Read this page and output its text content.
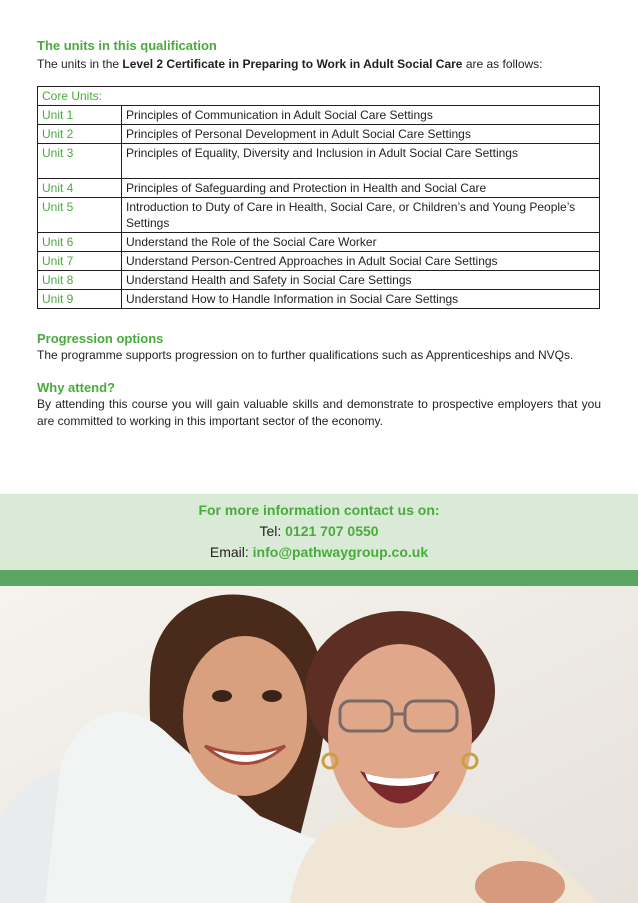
The units in this qualification

The units in the Level 2 Certificate in Preparing to Work in Adult Social Care are as follows:

Core Units:	
Unit 1	Principles of Communication in Adult Social Care Settings
Unit 2	Principles of Personal Development in Adult Social Care Settings
Unit 3	Principles of Equality, Diversity and Inclusion in Adult Social Care Settings
Unit 4	Principles of Safeguarding and Protection in Health and Social Care
Unit 5	Introduction to Duty of Care in Health, Social Care, or Children’s and Young People’s Settings
Unit 6	Understand the Role of the Social Care Worker
Unit 7	Understand Person-Centred Approaches in Adult Social Care Settings
Unit 8	Understand Health and Safety in Social Care Settings
Unit 9	Understand How to Handle Information in Social Care Settings

Progression options

The programme supports progression on to further qualifications such as Apprenticeships and NVQs.

Why attend?

By attending this course you will gain valuable skills and demonstrate to prospective employers that you are committed to working in this important sector of the economy.

For more information contact us on:
Tel: 0121 707 0550
Email: info@pathwaygroup.co.uk
